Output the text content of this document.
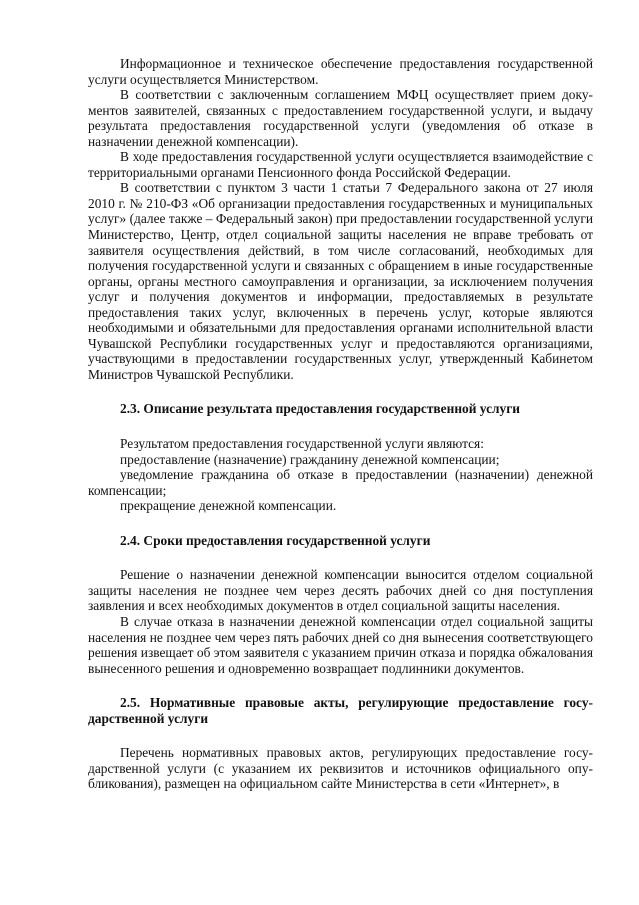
Информационное и техническое обеспечение предоставления государственной услуги осуществляется Министерством.

В соответствии с заключенным соглашением МФЦ осуществляет прием документов заявителей, связанных с предоставлением государственной услуги, и выдачу результата предоставления государственной услуги (уведомления об отказе в назначении денежной компенсации).

В ходе предоставления государственной услуги осуществляется взаимодействие с территориальными органами Пенсионного фонда Российской Федерации.

В соответствии с пунктом 3 части 1 статьи 7 Федерального закона от 27 июля 2010 г. № 210-ФЗ «Об организации предоставления государственных и муниципальных услуг» (далее также – Федеральный закон) при предоставлении государственной услуги Министерство, Центр, отдел социальной защиты населения не вправе требовать от заявителя осуществления действий, в том числе согласований, необходимых для получения государственной услуги и связанных с обращением в иные государственные органы, органы местного самоуправления и организации, за исключением получения услуг и получения документов и информации, предоставляемых в результате предоставления таких услуг, включенных в перечень услуг, которые являются необходимыми и обязательными для предоставления органами исполнительной власти Чувашской Республики государственных услуг и предоставляются организациями, участвующими в предоставлении государственных услуг, утвержденный Кабинетом Министров Чувашской Республики.

2.3. Описание результата предоставления государственной услуги

Результатом предоставления государственной услуги являются:

предоставление (назначение) гражданину денежной компенсации;

уведомление гражданина об отказе в предоставлении (назначении) денежной компенсации;

прекращение денежной компенсации.

2.4. Сроки предоставления государственной услуги

Решение о назначении денежной компенсации выносится отделом социальной защиты населения не позднее чем через десять рабочих дней со дня поступления заявления и всех необходимых документов в отдел социальной защиты населения.

В случае отказа в назначении денежной компенсации отдел социальной защиты населения не позднее чем через пять рабочих дней со дня вынесения соответствующего решения извещает об этом заявителя с указанием причин отказа и порядка обжалования вынесенного решения и одновременно возвращает подлинники документов.

2.5. Нормативные правовые акты, регулирующие предоставление государственной услуги

Перечень нормативных правовых актов, регулирующих предоставление государственной услуги (с указанием их реквизитов и источников официального опубликования), размещен на официальном сайте Министерства в сети «Интернет», в
